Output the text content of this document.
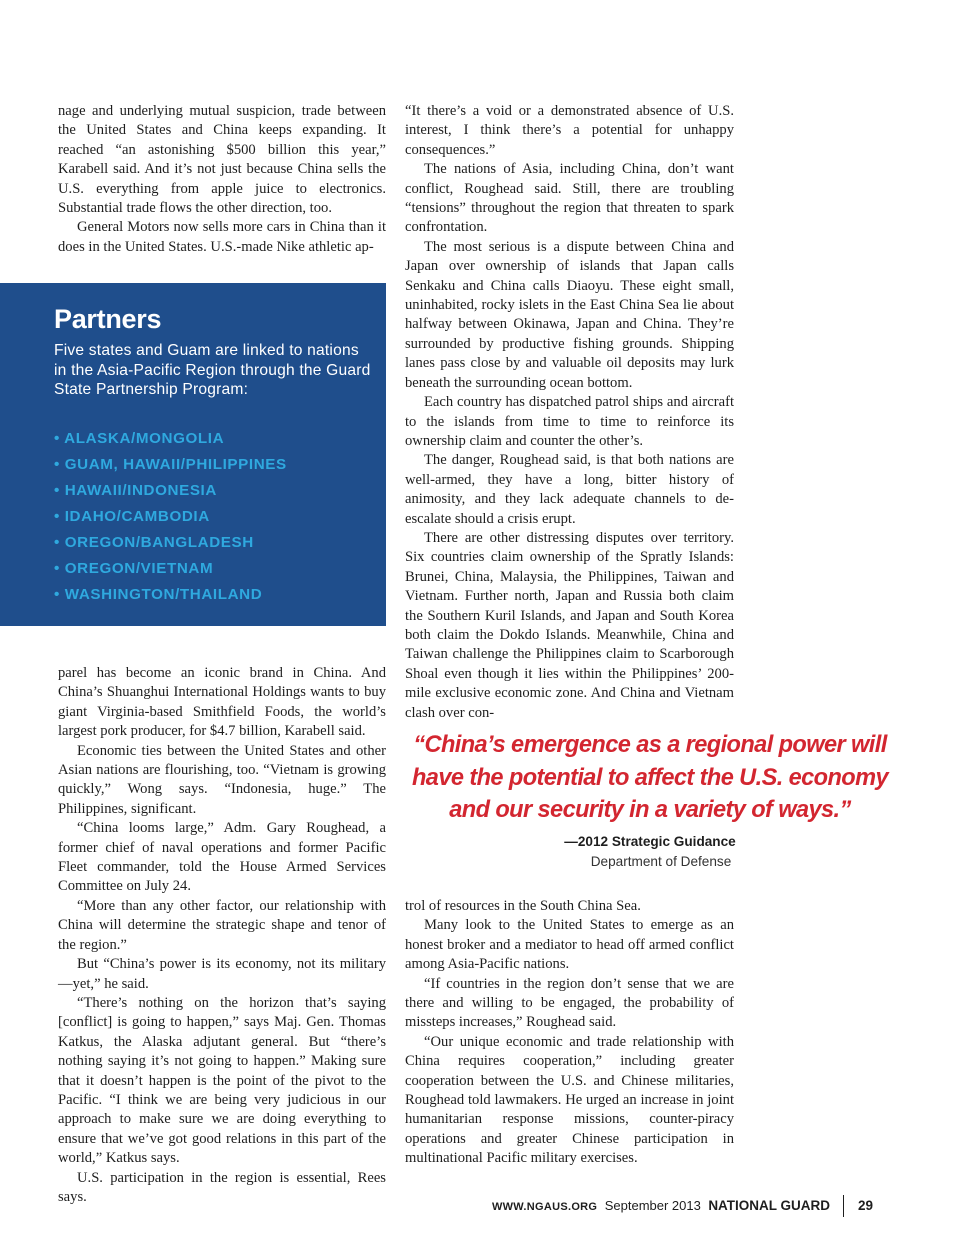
nage and underlying mutual suspicion, trade between the United States and China keeps expanding. It reached “an astonishing $500 billion this year,” Karabell said. And it’s not just because China sells the U.S. everything from apple juice to electronics. Substantial trade flows the other direction, too.

General Motors now sells more cars in China than it does in the United States. U.S.-made Nike athletic ap-

Partners
Five states and Guam are linked to nations in the Asia-Pacific Region through the Guard State Partnership Program:
• ALASKA/MONGOLIA
• GUAM, HAWAII/PHILIPPINES
• HAWAII/INDONESIA
• IDAHO/CAMBODIA
• OREGON/BANGLADESH
• OREGON/VIETNAM
• WASHINGTON/THAILAND

parel has become an iconic brand in China. And China’s Shuanghui International Holdings wants to buy giant Virginia-based Smithfield Foods, the world’s largest pork producer, for $4.7 billion, Karabell said.

Economic ties between the United States and other Asian nations are flourishing, too. “Vietnam is growing quickly,” Wong says. “Indonesia, huge.” The Philippines, significant.

“China looms large,” Adm. Gary Roughead, a former chief of naval operations and former Pacific Fleet commander, told the House Armed Services Committee on July 24.

“More than any other factor, our relationship with China will determine the strategic shape and tenor of the region.”

But “China’s power is its economy, not its military—yet,” he said.

“There’s nothing on the horizon that’s saying [conflict] is going to happen,” says Maj. Gen. Thomas Katkus, the Alaska adjutant general. But “there’s nothing saying it’s not going to happen.” Making sure that it doesn’t happen is the point of the pivot to the Pacific. “I think we are being very judicious in our approach to make sure we are doing everything to ensure that we’ve got good relations in this part of the world,” Katkus says.

U.S. participation in the region is essential, Rees says.

“It there’s a void or a demonstrated absence of U.S. interest, I think there’s a potential for unhappy consequences.”

The nations of Asia, including China, don’t want conflict, Roughead said. Still, there are troubling “tensions” throughout the region that threaten to spark confrontation.

The most serious is a dispute between China and Japan over ownership of islands that Japan calls Senkaku and China calls Diaoyu. These eight small, uninhabited, rocky islets in the East China Sea lie about halfway between Okinawa, Japan and China. They’re surrounded by productive fishing grounds. Shipping lanes pass close by and valuable oil deposits may lurk beneath the surrounding ocean bottom.

Each country has dispatched patrol ships and aircraft to the islands from time to time to reinforce its ownership claim and counter the other’s.

The danger, Roughead said, is that both nations are well-armed, they have a long, bitter history of animosity, and they lack adequate channels to de-escalate should a crisis erupt.

There are other distressing disputes over territory. Six countries claim ownership of the Spratly Islands: Brunei, China, Malaysia, the Philippines, Taiwan and Vietnam. Further north, Japan and Russia both claim the Southern Kuril Islands, and Japan and South Korea both claim the Dokdo Islands. Meanwhile, China and Taiwan challenge the Philippines claim to Scarborough Shoal even though it lies within the Philippines’ 200-mile exclusive economic zone. And China and Vietnam clash over con-

“China’s emergence as a regional power will have the potential to affect the U.S. economy and our security in a variety of ways.”
—2012 Strategic Guidance
Department of Defense

trol of resources in the South China Sea.

Many look to the United States to emerge as an honest broker and a mediator to head off armed conflict among Asia-Pacific nations.

“If countries in the region don’t sense that we are there and willing to be engaged, the probability of missteps increases,” Roughead said.

“Our unique economic and trade relationship with China requires cooperation,” including greater cooperation between the U.S. and Chinese militaries, Roughead told lawmakers. He urged an increase in joint humanitarian response missions, counter-piracy operations and greater Chinese participation in multinational Pacific military exercises.

WWW.NGAUS.ORG September 2013 NATIONAL GUARD 29
